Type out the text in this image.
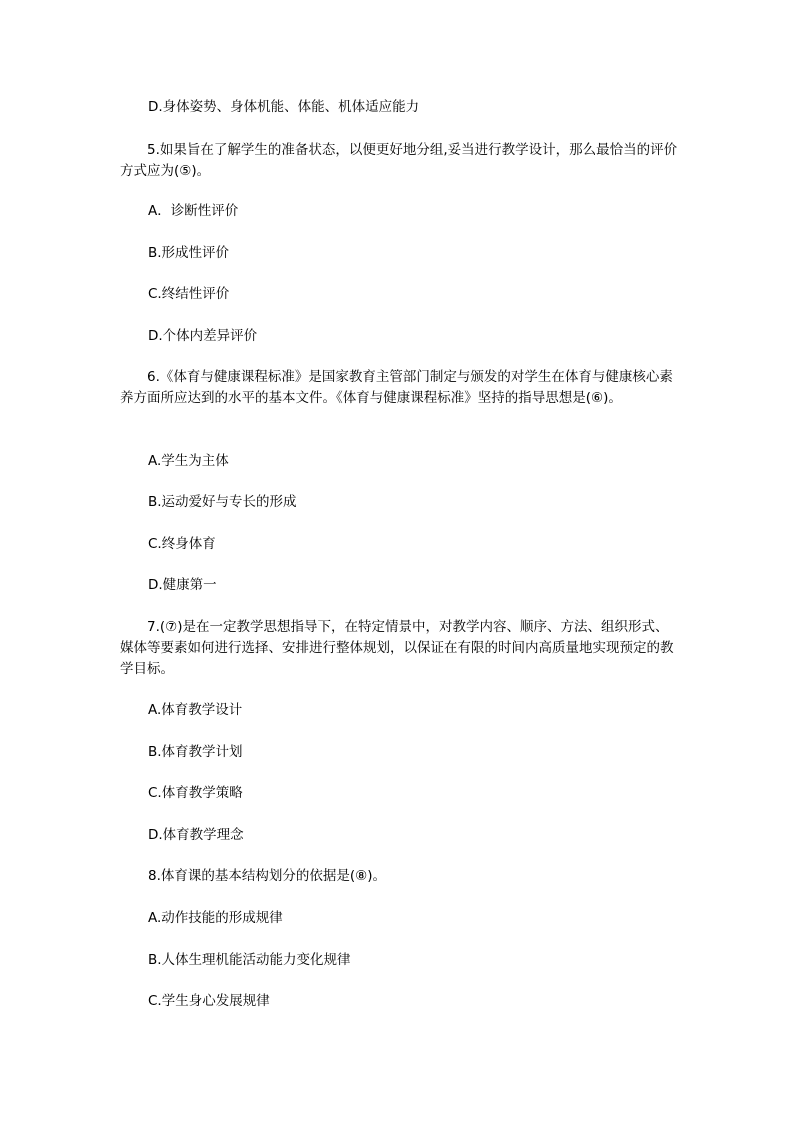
D.身体姿势、身体机能、体能、机体适应能力
5.如果旨在了解学生的准备状态，以便更好地分组,妥当进行教学设计，那么最恰当的评价方式应为(⑤)。
A．诊断性评价
B.形成性评价
C.终结性评价
D.个体内差异评价
6.《体育与健康课程标准》是国家教育主管部门制定与颁发的对学生在体育与健康核心素养方面所应达到的水平的基本文件。《体育与健康课程标准》坚持的指导思想是(⑥)。
A.学生为主体
B.运动爱好与专长的形成
C.终身体育
D.健康第一
7.(⑦)是在一定教学思想指导下，在特定情景中，对教学内容、顺序、方法、组织形式、媒体等要素如何进行选择、安排进行整体规划，以保证在有限的时间内高质量地实现预定的教学目标。
A.体育教学设计
B.体育教学计划
C.体育教学策略
D.体育教学理念
8.体育课的基本结构划分的依据是(⑧)。
A.动作技能的形成规律
B.人体生理机能活动能力变化规律
C.学生身心发展规律
